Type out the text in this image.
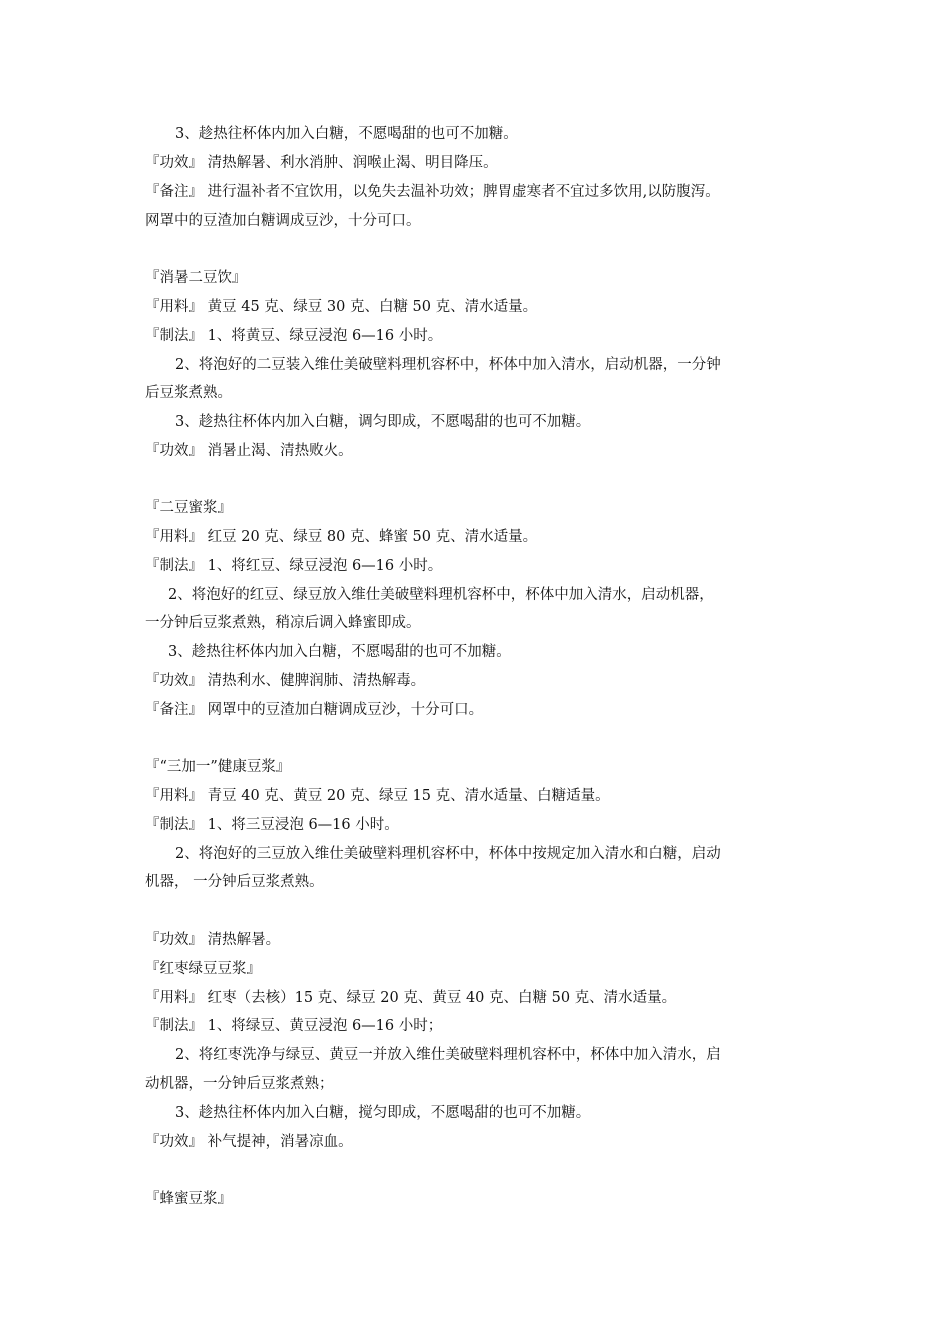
3、趁热往杯体内加入白糖，不愿喝甜的也可不加糖。
『功效』 清热解暑、利水消肿、润喉止渴、明目降压。
『备注』 进行温补者不宜饮用，以免失去温补功效；脾胃虚寒者不宜过多饮用,以防腹泻。
网罩中的豆渣加白糖调成豆沙，十分可口。
『消暑二豆饮』
『用料』 黄豆 45 克、绿豆 30 克、白糖 50 克、清水适量。
『制法』 1、将黄豆、绿豆浸泡 6—16 小时。
2、将泡好的二豆装入维仕美破壁料理机容杯中，杯体中加入清水，启动机器，一分钟
后豆浆煮熟。
3、趁热往杯体内加入白糖，调匀即成，不愿喝甜的也可不加糖。
『功效』 消暑止渴、清热败火。
『二豆蜜浆』
『用料』 红豆 20 克、绿豆 80 克、蜂蜜 50 克、清水适量。
『制法』 1、将红豆、绿豆浸泡 6—16 小时。
2、将泡好的红豆、绿豆放入维仕美破壁料理机容杯中，杯体中加入清水，启动机器，
一分钟后豆浆煮熟，稍凉后调入蜂蜜即成。
3、趁热往杯体内加入白糖，不愿喝甜的也可不加糖。
『功效』 清热利水、健脾润肺、清热解毒。
『备注』 网罩中的豆渣加白糖调成豆沙，十分可口。
『“三加一”健康豆浆』
『用料』 青豆 40 克、黄豆 20 克、绿豆 15 克、清水适量、白糖适量。
『制法』 1、将三豆浸泡 6—16 小时。
2、将泡好的三豆放入维仕美破壁料理机容杯中，杯体中按规定加入清水和白糖，启动
机器， 一分钟后豆浆煮熟。
『功效』 清热解暑。
『红枣绿豆豆浆』
『用料』 红枣（去核）15 克、绿豆 20 克、黄豆 40 克、白糖 50 克、清水适量。
『制法』 1、将绿豆、黄豆浸泡 6—16 小时；
2、将红枣洗净与绿豆、黄豆一并放入维仕美破壁料理机容杯中，杯体中加入清水，启
动机器，一分钟后豆浆煮熟；
3、趁热往杯体内加入白糖，搅匀即成，不愿喝甜的也可不加糖。
『功效』 补气提神，消暑凉血。
『蜂蜜豆浆』
